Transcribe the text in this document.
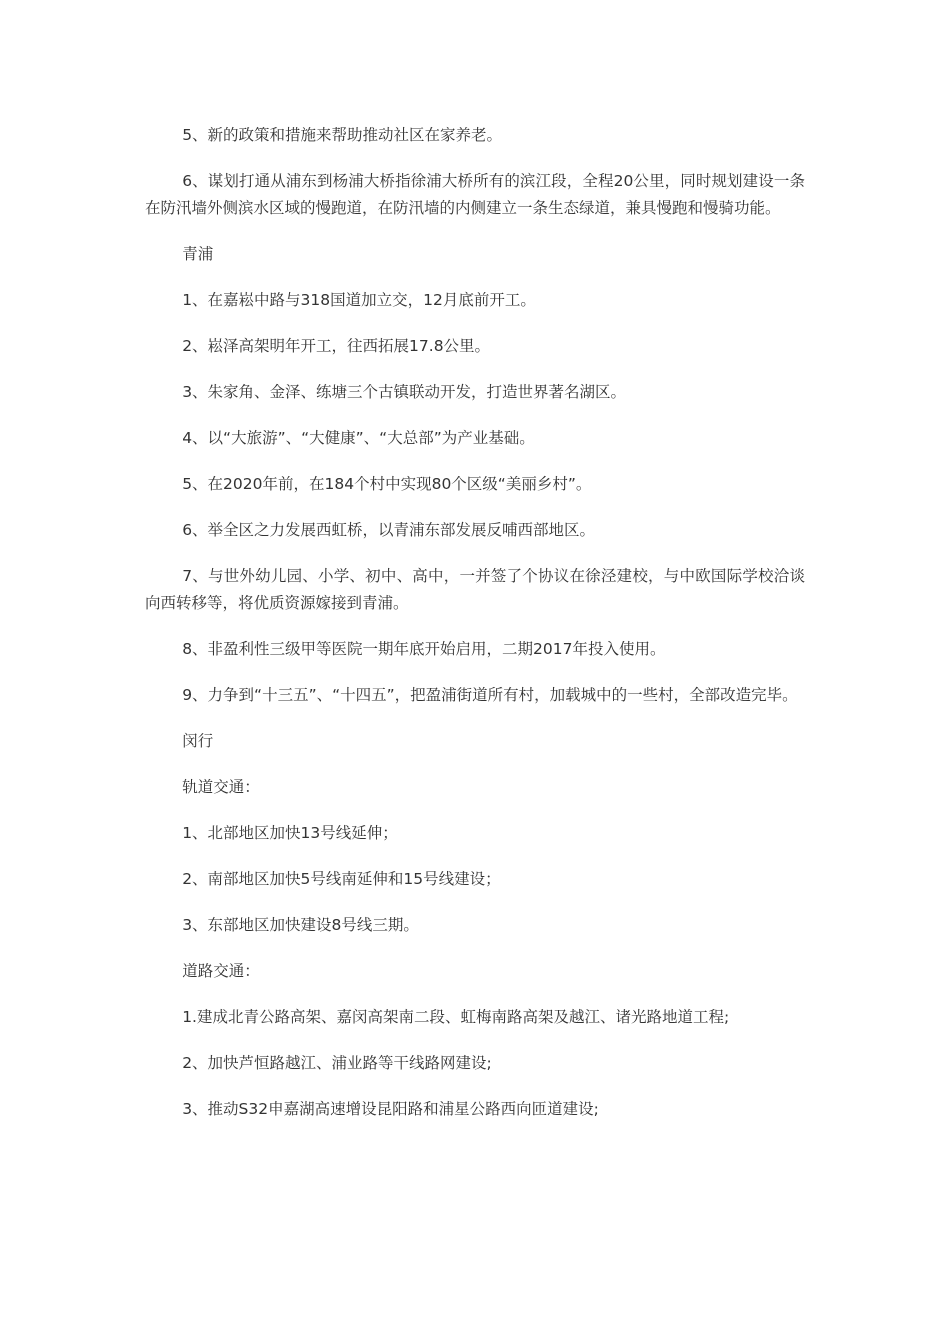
5、新的政策和措施来帮助推动社区在家养老。

6、谋划打通从浦东到杨浦大桥指徐浦大桥所有的滨江段，全程20公里，同时规划建设一条在防汛墙外侧滨水区域的慢跑道，在防汛墙的内侧建立一条生态绿道，兼具慢跑和慢骑功能。

青浦

1、在嘉崧中路与318国道加立交，12月底前开工。

2、崧泽高架明年开工，往西拓展17.8公里。

3、朱家角、金泽、练塘三个古镇联动开发，打造世界著名湖区。

4、以“大旅游”、“大健康”、“大总部”为产业基础。

5、在2020年前，在184个村中实现80个区级“美丽乡村”。

6、举全区之力发展西虹桥，以青浦东部发展反哺西部地区。

7、与世外幼儿园、小学、初中、高中，一并签了个协议在徐泾建校，与中欧国际学校洽谈向西转移等，将优质资源嫁接到青浦。

8、非盈利性三级甲等医院一期年底开始启用，二期2017年投入使用。

9、力争到“十三五”、“十四五”，把盈浦街道所有村，加载城中的一些村，全部改造完毕。

闵行

轨道交通：

1、北部地区加快13号线延伸；

2、南部地区加快5号线南延伸和15号线建设；

3、东部地区加快建设8号线三期。

道路交通：

1.建成北青公路高架、嘉闵高架南二段、虹梅南路高架及越江、诸光路地道工程;

2、加快芦恒路越江、浦业路等干线路网建设;

3、推动S32申嘉湖高速增设昆阳路和浦星公路西向匝道建设;
